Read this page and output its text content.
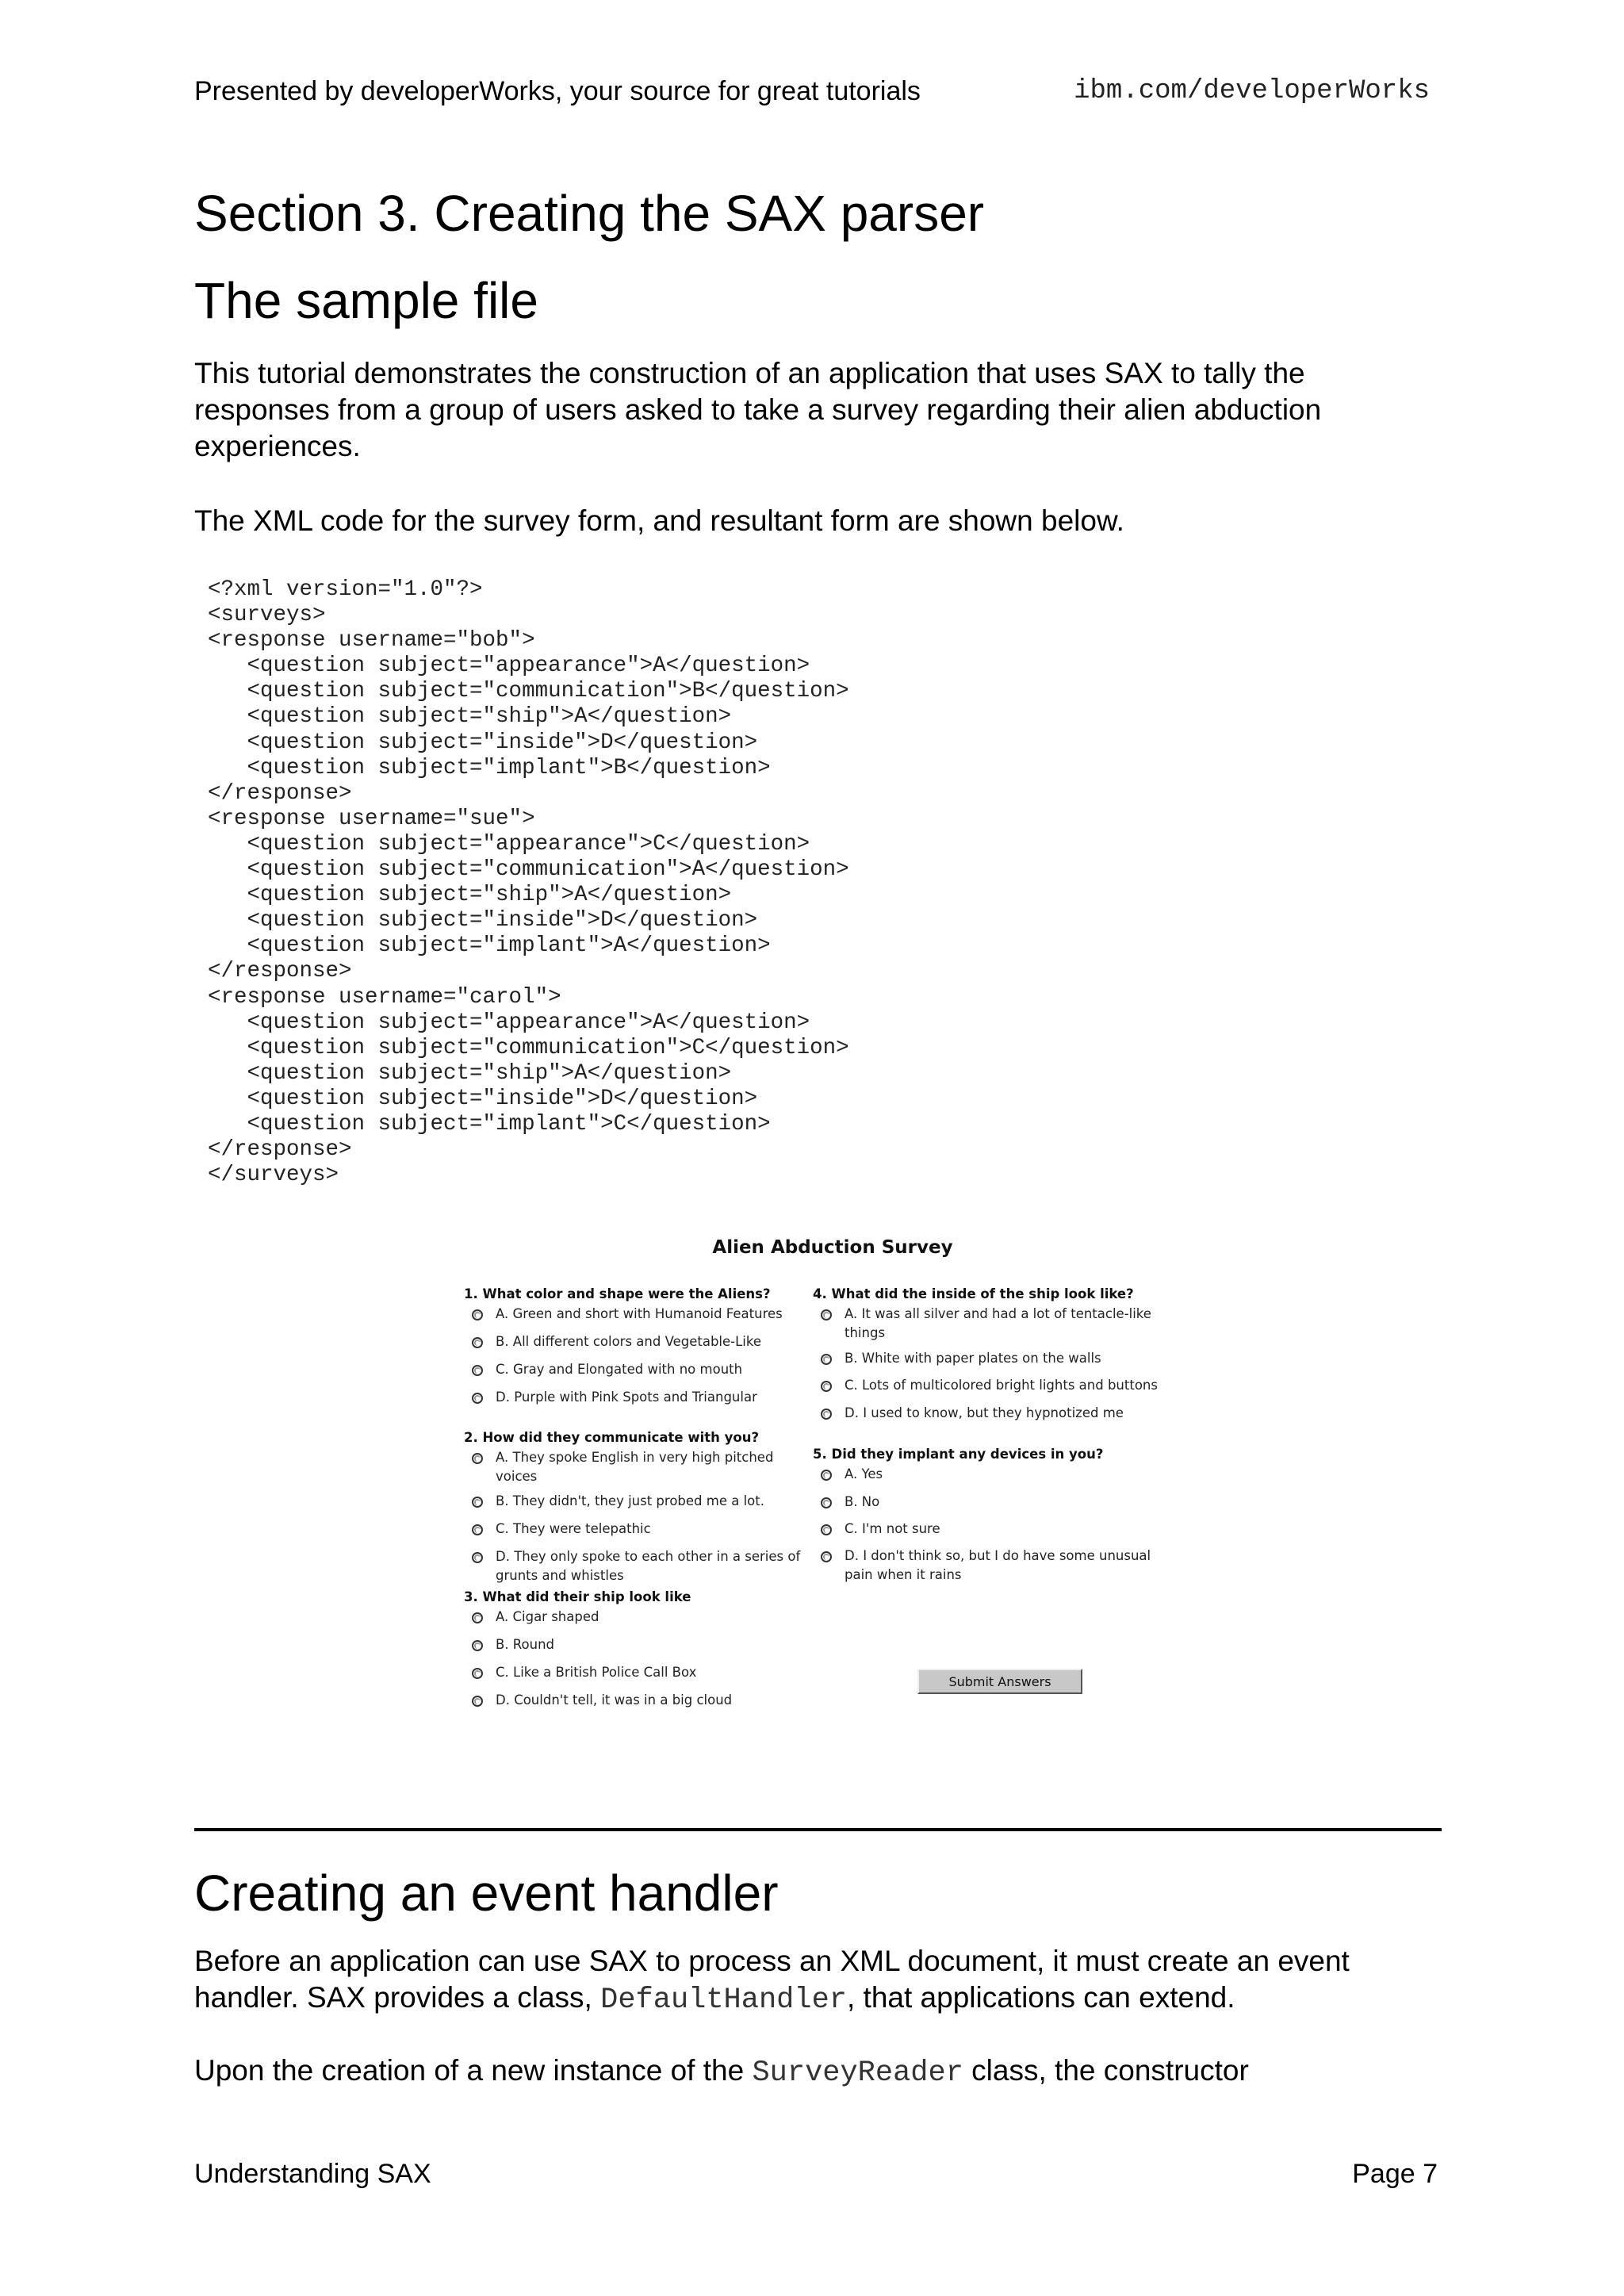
Presented by developerWorks, your source for great tutorials	ibm.com/developerWorks
Section 3. Creating the SAX parser
The sample file

This tutorial demonstrates the construction of an application that uses SAX to tally the responses from a group of users asked to take a survey regarding their alien abduction experiences.

The XML code for the survey form, and resultant form are shown below.

<?xml version="1.0"?>
<surveys>
<response username="bob">
<question subject="appearance">A</question>
<question subject="communication">B</question>
<question subject="ship">A</question>
<question subject="inside">D</question>
<question subject="implant">B</question>
</response>
<response username="sue">
<question subject="appearance">C</question>
<question subject="communication">A</question>
<question subject="ship">A</question>
<question subject="inside">D</question>
<question subject="implant">A</question>
</response>
<response username="carol">
<question subject="appearance">A</question>
<question subject="communication">C</question>
<question subject="ship">A</question>
<question subject="inside">D</question>
<question subject="implant">C</question>
</response>
</surveys>
Alien Abduction Survey
Submit Answers
1. What color and shape were the Aliens?
A. Green and short with Humanoid Features
B. All different colors and Vegetable-Like
C. Gray and Elongated with no mouth
D. Purple with Pink Spots and Triangular
2. How did they communicate with you?
A. They spoke English in very high pitched voices
B. They didn't, they just probed me a lot.
C. They were telepathic
D. They only spoke to each other in a series of grunts and whistles
3. What did their ship look like
A. Cigar shaped
B. Round
C. Like a British Police Call Box
D. Couldn't tell, it was in a big cloud
4. What did the inside of the ship look like?
A. It was all silver and had a lot of tentacle-like things
B. White with paper plates on the walls
C. Lots of multicolored bright lights and buttons
D. I used to know, but they hypnotized me
5. Did they implant any devices in you?
A. Yes
B. No
C. I'm not sure
D. I don't think so, but I do have some unusual pain when it rains
Creating an event handler

Before an application can use SAX to process an XML document, it must create an event handler. SAX provides a class, DefaultHandler, that applications can extend.

Upon the creation of a new instance of the SurveyReader class, the constructor

Understanding SAX	Page 7
